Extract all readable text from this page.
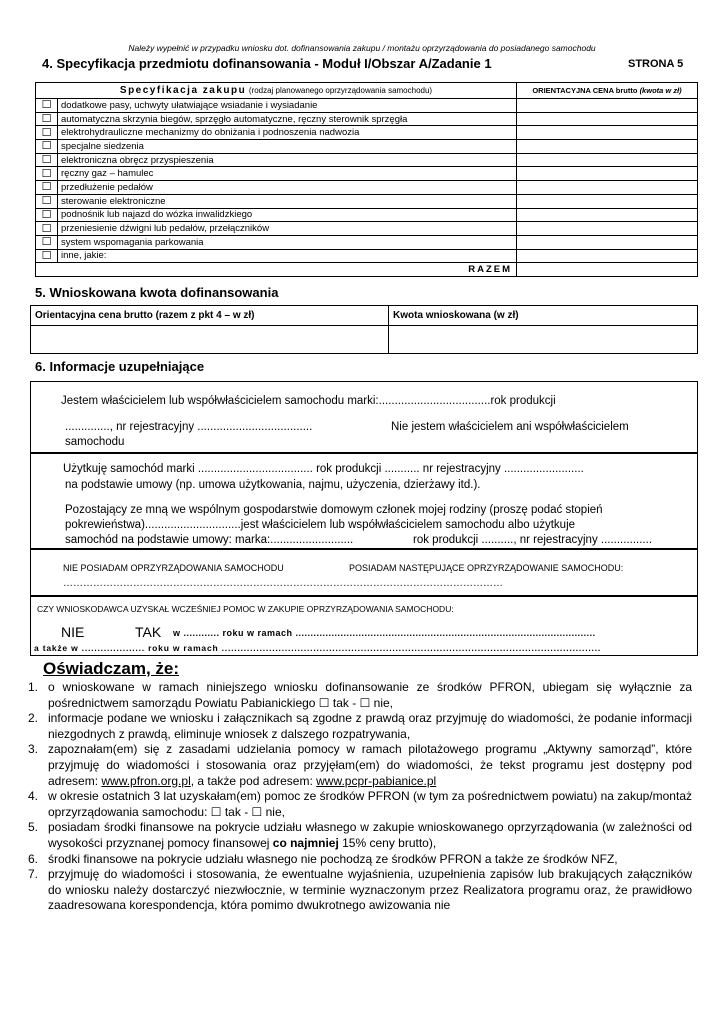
Należy wypełnić w przypadku wniosku dot. dofinansowania zakupu / montażu oprzyrządowania do posiadanego samochodu
4. Specyfikacja przedmiotu dofinansowania - Moduł I/Obszar A/Zadanie 1	STRONA 5
Specyfikacja zakupu (rodzaj planowanego oprzyrządowania samochodu)		ORIENTACYJNA CENA brutto (kwota w zł)
☐	dodatkowe pasy, uchwyty ułatwiające wsiadanie i wysiadanie	
☐	automatyczna skrzynia biegów, sprzęgło automatyczne, ręczny sterownik sprzęgła	
☐	elektrohydrauliczne mechanizmy do obniżania i podnoszenia nadwozia	
☐	specjalne siedzenia	
☐	elektroniczna obręcz przyspieszenia	
☐	ręczny gaz – hamulec	
☐	przedłużenie pedałów	
☐	sterowanie elektroniczne	
☐	podnośnik lub najazd do wózka inwalidzkiego	
☐	przeniesienie dźwigni lub pedałów, przełączników	
☐	system wspomagania parkowania	
☐	inne, jakie:	
RAZEM		
5. Wnioskowana kwota dofinansowania
Orientacyjna cena brutto (razem z pkt 4 – w zł)	Kwota wnioskowana (w zł)

6. Informacje uzupełniające
Jestem właścicielem lub współwłaścicielem samochodu marki:...................................rok produkcji
.............., nr rejestracyjny ....................................	Nie jestem właścicielem ani współwłaścicielem
samochodu
Użytkuję samochód marki .................................... rok produkcji ........... nr rejestracyjny .........................
na podstawie umowy (np. umowa użytkowania, najmu, użyczenia, dzierżawy itd.).
Pozostający ze mną we wspólnym gospodarstwie domowym członek mojej rodziny (proszę podać stopień
pokrewieństwa)..............................jest właścicielem lub współwłaścicielem samochodu albo użytkuje
samochód na podstawie umowy: marka:..........................	rok produkcji .........., nr rejestracyjny ................
NIE POSIADAM OPRZYRZĄDOWANIA SAMOCHODU	POSIADAM NASTĘPUJĄCE OPRZYRZĄDOWANIE SAMOCHODU:
……………………………………………………………………………………………………………………
CZY WNIOSKODAWCA UZYSKAŁ WCZEŚNIEJ POMOC W ZAKUPIE OPRZYRZĄDOWANIA SAMOCHODU:
NIE	TAK w ............ roku w ramach ....................................................................................................
a także w .................... roku w ramach ........................................................................................................................
Oświadczam, że:
1. o wnioskowane w ramach niniejszego wniosku dofinansowanie ze środków PFRON, ubiegam się wyłącznie za pośrednictwem samorządu Powiatu Pabianickiego ☐ tak - ☐ nie,
2. informacje podane we wniosku i załącznikach są zgodne z prawdą oraz przyjmuję do wiadomości, że podanie informacji niezgodnych z prawdą, eliminuje wniosek z dalszego rozpatrywania,
3. zapoznałam(em) się z zasadami udzielania pomocy w ramach pilotażowego programu „Aktywny samorząd”, które przyjmuję do wiadomości i stosowania oraz przyjęłam(em) do wiadomości, że tekst programu jest dostępny pod adresem: www.pfron.org.pl, a także pod adresem: www.pcpr-pabianice.pl
4. w okresie ostatnich 3 lat uzyskałam(em) pomoc ze środków PFRON (w tym za pośrednictwem powiatu) na zakup/montaż oprzyrządowania samochodu: ☐ tak - ☐ nie,
5. posiadam środki finansowe na pokrycie udziału własnego w zakupie wnioskowanego oprzyrządowania (w zależności od wysokości przyznanej pomocy finansowej co najmniej 15% ceny brutto),
6. środki finansowe na pokrycie udziału własnego nie pochodzą ze środków PFRON a także ze środków NFZ,
7. przyjmuję do wiadomości i stosowania, że ewentualne wyjaśnienia, uzupełnienia zapisów lub brakujących załączników do wniosku należy dostarczyć niezwłocznie, w terminie wyznaczonym przez Realizatora programu oraz, że prawidłowo zaadresowana korespondencja, która pomimo dwukrotnego awizowania nie
